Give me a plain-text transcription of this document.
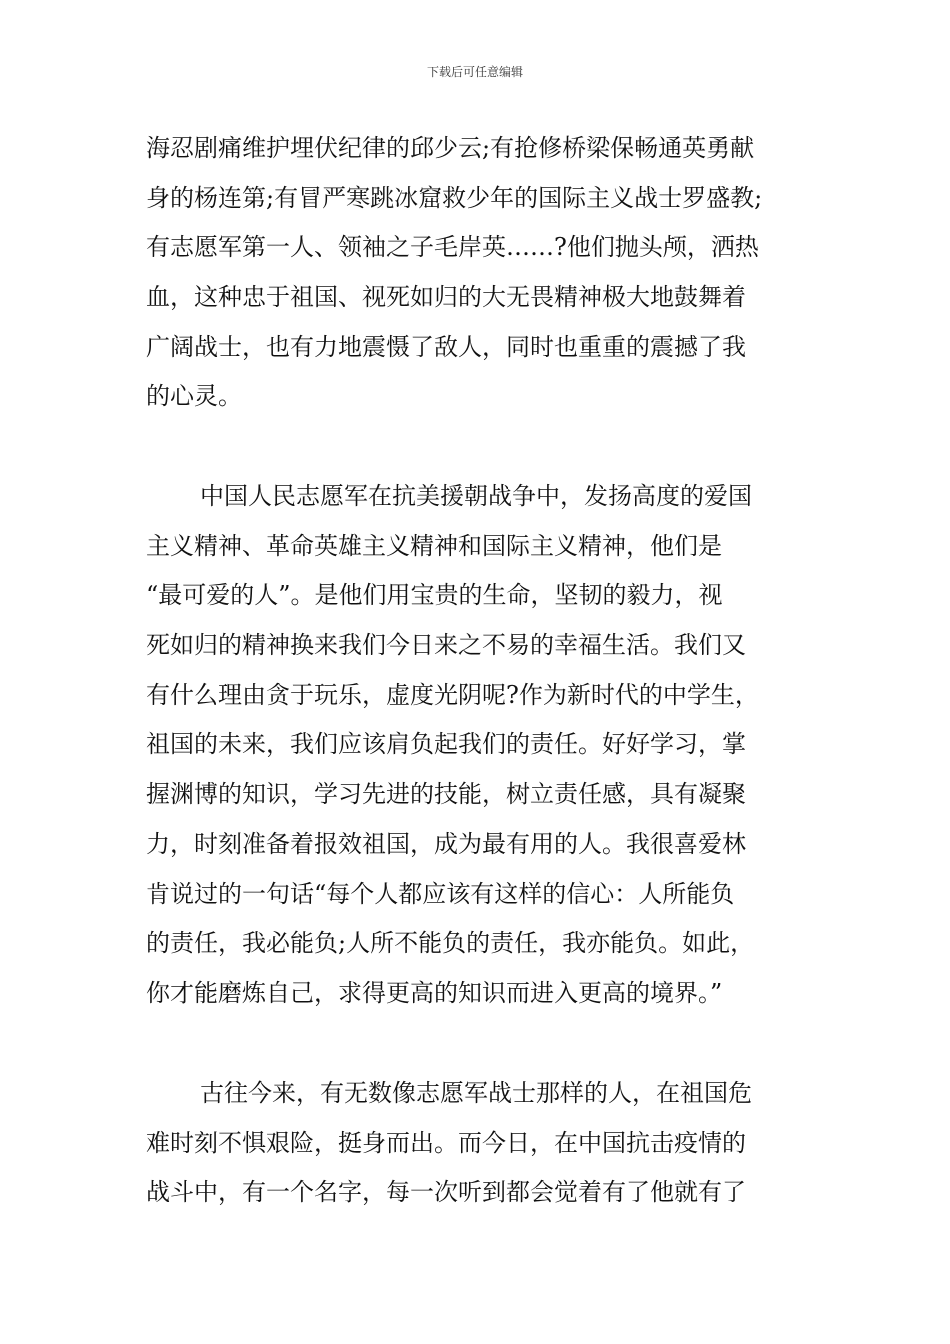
下载后可任意编辑
海忍剧痛维护埋伏纪律的邱少云;有抢修桥梁保畅通英勇献
身的杨连第;有冒严寒跳冰窟救少年的国际主义战士罗盛教;
有志愿军第一人、领袖之子毛岸英……?他们抛头颅，洒热
血，这种忠于祖国、视死如归的大无畏精神极大地鼓舞着
广阔战士，也有力地震慑了敌人，同时也重重的震撼了我
的心灵。
中国人民志愿军在抗美援朝战争中，发扬高度的爱国
主义精神、革命英雄主义精神和国际主义精神，他们是
“最可爱的人”。是他们用宝贵的生命，坚韧的毅力，视
死如归的精神换来我们今日来之不易的幸福生活。我们又
有什么理由贪于玩乐，虚度光阴呢?作为新时代的中学生，
祖国的未来，我们应该肩负起我们的责任。好好学习，掌
握渊博的知识，学习先进的技能，树立责任感，具有凝聚
力，时刻准备着报效祖国，成为最有用的人。我很喜爱林
肯说过的一句话“每个人都应该有这样的信心：人所能负
的责任，我必能负;人所不能负的责任，我亦能负。如此，
你才能磨炼自己，求得更高的知识而进入更高的境界。”
古往今来，有无数像志愿军战士那样的人，在祖国危
难时刻不惧艰险，挺身而出。而今日，在中国抗击疫情的
战斗中，有一个名字，每一次听到都会觉着有了他就有了
